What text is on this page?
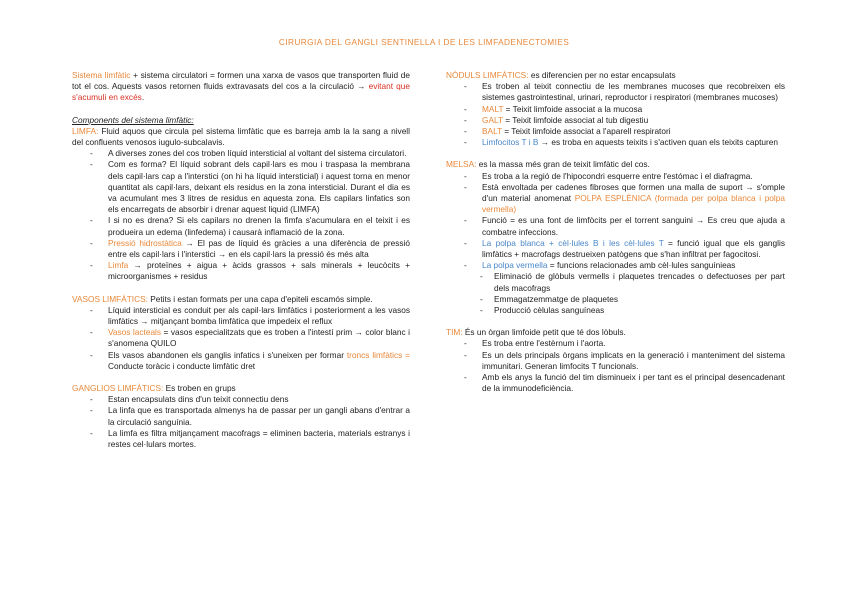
CIRURGIA DEL GANGLI SENTINELLA I DE LES LIMFADENECTOMIES

Sistema limfàtic + sistema circulatori = formen una xarxa de vasos que transporten fluid de tot el cos. Aquests vasos retornen fluids extravasats del cos a la circulació → evitant que s'acumuli en excés.

Components del sistema limfàtic:

LIMFA: Fluid aquos que circula pel sistema limfàtic que es barreja amb la la sang a nivell del confluents venosos iugulo-subcalavis.

- A diverses zones del cos troben líquid intersticial al voltant del sistema circulatori.
- Com es forma? El líquid sobrant dels capil·lars es mou i traspasa la membrana dels capil·lars cap a l'interstici (on hi ha líquid intersticial) i aquest torna en menor quantitat als capil·lars, deixant els residus en la zona intersticial. Durant el dia es va acumulant mes 3 litres de residus en aquesta zona. Els capilars linfatics son els encarregats de absorbir i drenar aquest liquid (LIMFA)
- I si no es drena? Si els capilars no drenen la fimfa s'acumulara en el teixit i es produeira un edema (linfedema) i causarà inflamació de la zona.
- Pressió hidrostàtica → El pas de líquid és gràcies a una diferència de pressió entre els capil·lars i l'interstici → en els capil·lars la pressió és més alta
- Limfa → proteïnes + aigua + àcids grassos + sals minerals + leucòcits + microorganismes + residus

VASOS LIMFÀTICS: Petits i estan formats per una capa d'epiteli escamós simple.

- Líquid intersticial es conduit per als capil·lars limfàtics i posteriorment a les vasos limfàtics → mitjançant bomba limfàtica que impedeix el reflux
- Vasos lacteals = vasos especialitzats que es troben a l'intestí prim → color blanc i s'anomena QUILO
- Els vasos abandonen els ganglis infatics i s'uneixen per formar troncs limfàtics = Conducte toràcic i conducte limfàtic dret

GANGLIOS LIMFÀTICS: Es troben en grups

- Estan encapsulats dins d'un teixit connectiu dens
- La linfa que es transportada almenys ha de passar per un gangli abans d'entrar a la circulació sanguínia.
- La limfa es filtra mitjançament macofrags = eliminen bacteria, materials estranys i restes cel·lulars mortes.

NÒDULS LIMFÀTICS: es diferencien per no estar encapsulats

- Es troben al teixit connectiu de les membranes mucoses que recobreixen els sistemes gastrointestinal, urinari, reproductor i respiratori (membranes mucoses)
- MALT = Teixit limfoide associat a la mucosa
- GALT = Teixit limfoide associat al tub digestiu
- BALT = Teixit limfoide associat a l'aparell respiratori
- Limfocitos T i B → es troba en aquests teixits i s'activen quan els teixits capturen

MELSA: es la massa més gran de teixit limfàtic del cos.

- Es troba a la regió de l'hipocondri esquerre entre l'estómac i el diafragma.
- Està envoltada per cadenes fibroses que formen una malla de suport → s'omple d'un material anomenat POLPA ESPLÈNICA (formada per polpa blanca i polpa vermella)
- Funció = es una font de limfòcits per el torrent sanguini → Es creu que ajuda a combatre infeccions.
- La polpa blanca + cèl·lules B i les cèl·lules T = funció igual que els ganglis limfàtics + macrofags destrueixen patògens que s'han infiltrat per fagocitosi.
- La polpa vermella = funcions relacionades amb cèl·lules sanguínieas
- Eliminació de glòbuls vermells i plaquetes trencades o defectuoses per part dels macofrags
- Emmagatzemmatge de plaquetes
- Producció cèlulas sanguíneas

TIM: És un òrgan limfoide petit que té dos lòbuls.

- Es troba entre l'estèrnum i l'aorta.
- Es un dels principals òrgans implicats en la generació i manteniment del sistema immunitari. Generan limfocits T funcionals.
- Amb els anys la funció del tim disminueix i per tant es el principal desencadenant de la immunodeficiència.
